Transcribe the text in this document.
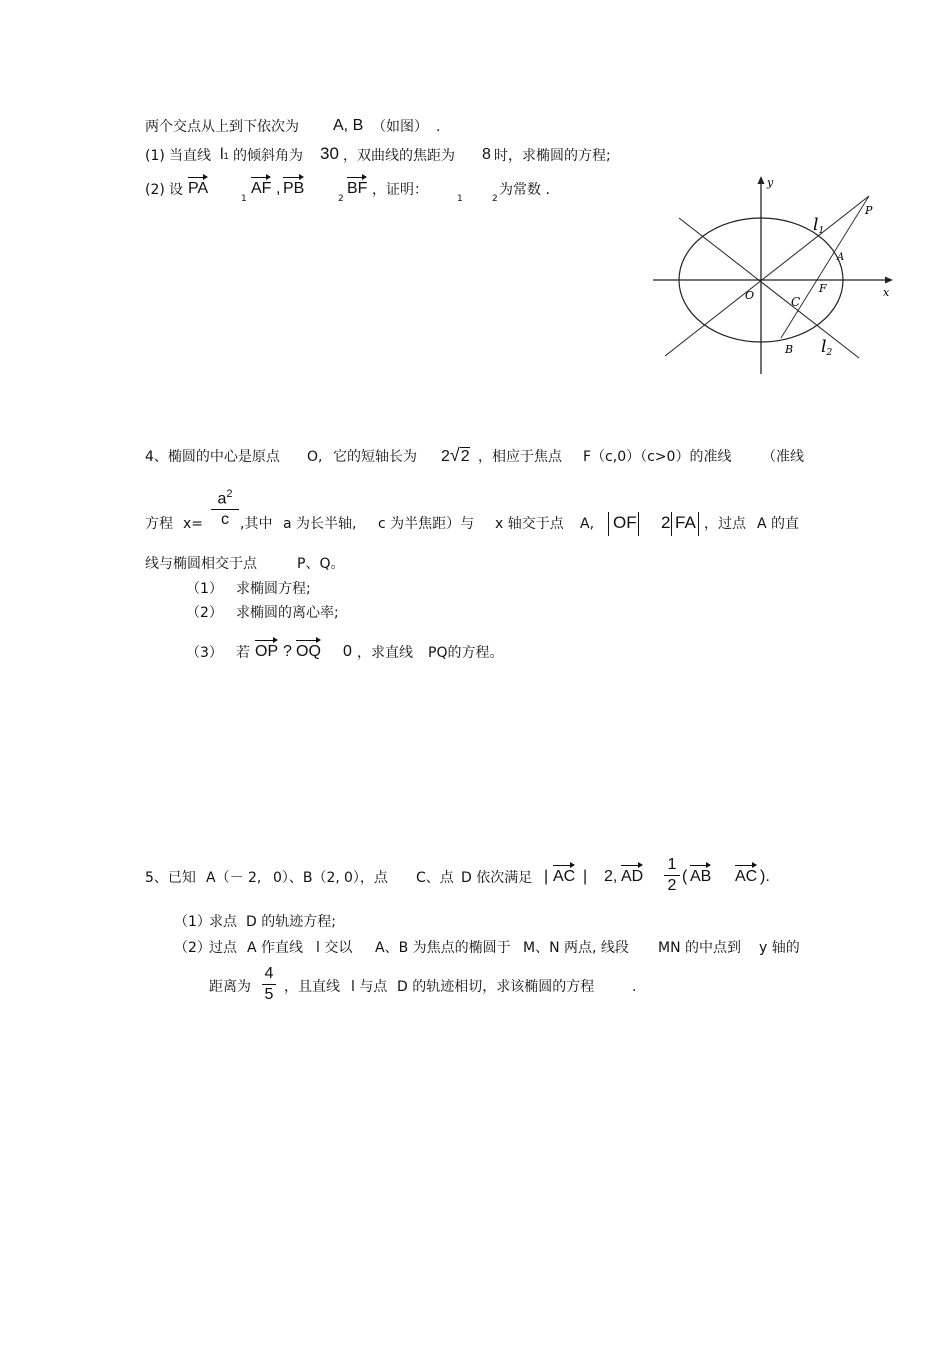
两个交点从上到下依次为 A, B （如图） .
(1) 当直线 l1 的倾斜角为 30 ，双曲线的焦距为 8 时，求椭圆的方程;
(2) 设 PA
1
AF , PB
2
BF ，证明：
1	2
为常数 .	y
x
O
P
A
F
C
B
l1
l2
4、椭圆的中心是原点 O, 它的短轴长为 2√2 ，相应于焦点 F（c,0）（c>0）的准线 （准线
方程 x=
$a^2$
c ,其中 a 为长半轴, c 为半焦距）与 x 轴交于点 A, OF 2 FA ，过点 A 的直
线与椭圆相交于点	P、Q。
（1） 求椭圆方程;
（2） 求椭圆的离心率;
（3） 若 OP ? OQ 0 ，求直线 PQ的方程。
5、已知 A（－ 2, 0）、B（2, 0），点 C、点 D 依次满足 | AC | 2, AD
1
2
( AB AC ).
（1）
求点 D 的轨迹方程;
（2）
过点 A 作直线 l 交以 A、B 为焦点的椭圆于 M、N 两点, 线段 MN 的中点到 y 轴的
距离为
4
5 ，且直线 l 与点 D 的轨迹相切，求该椭圆的方程	.
